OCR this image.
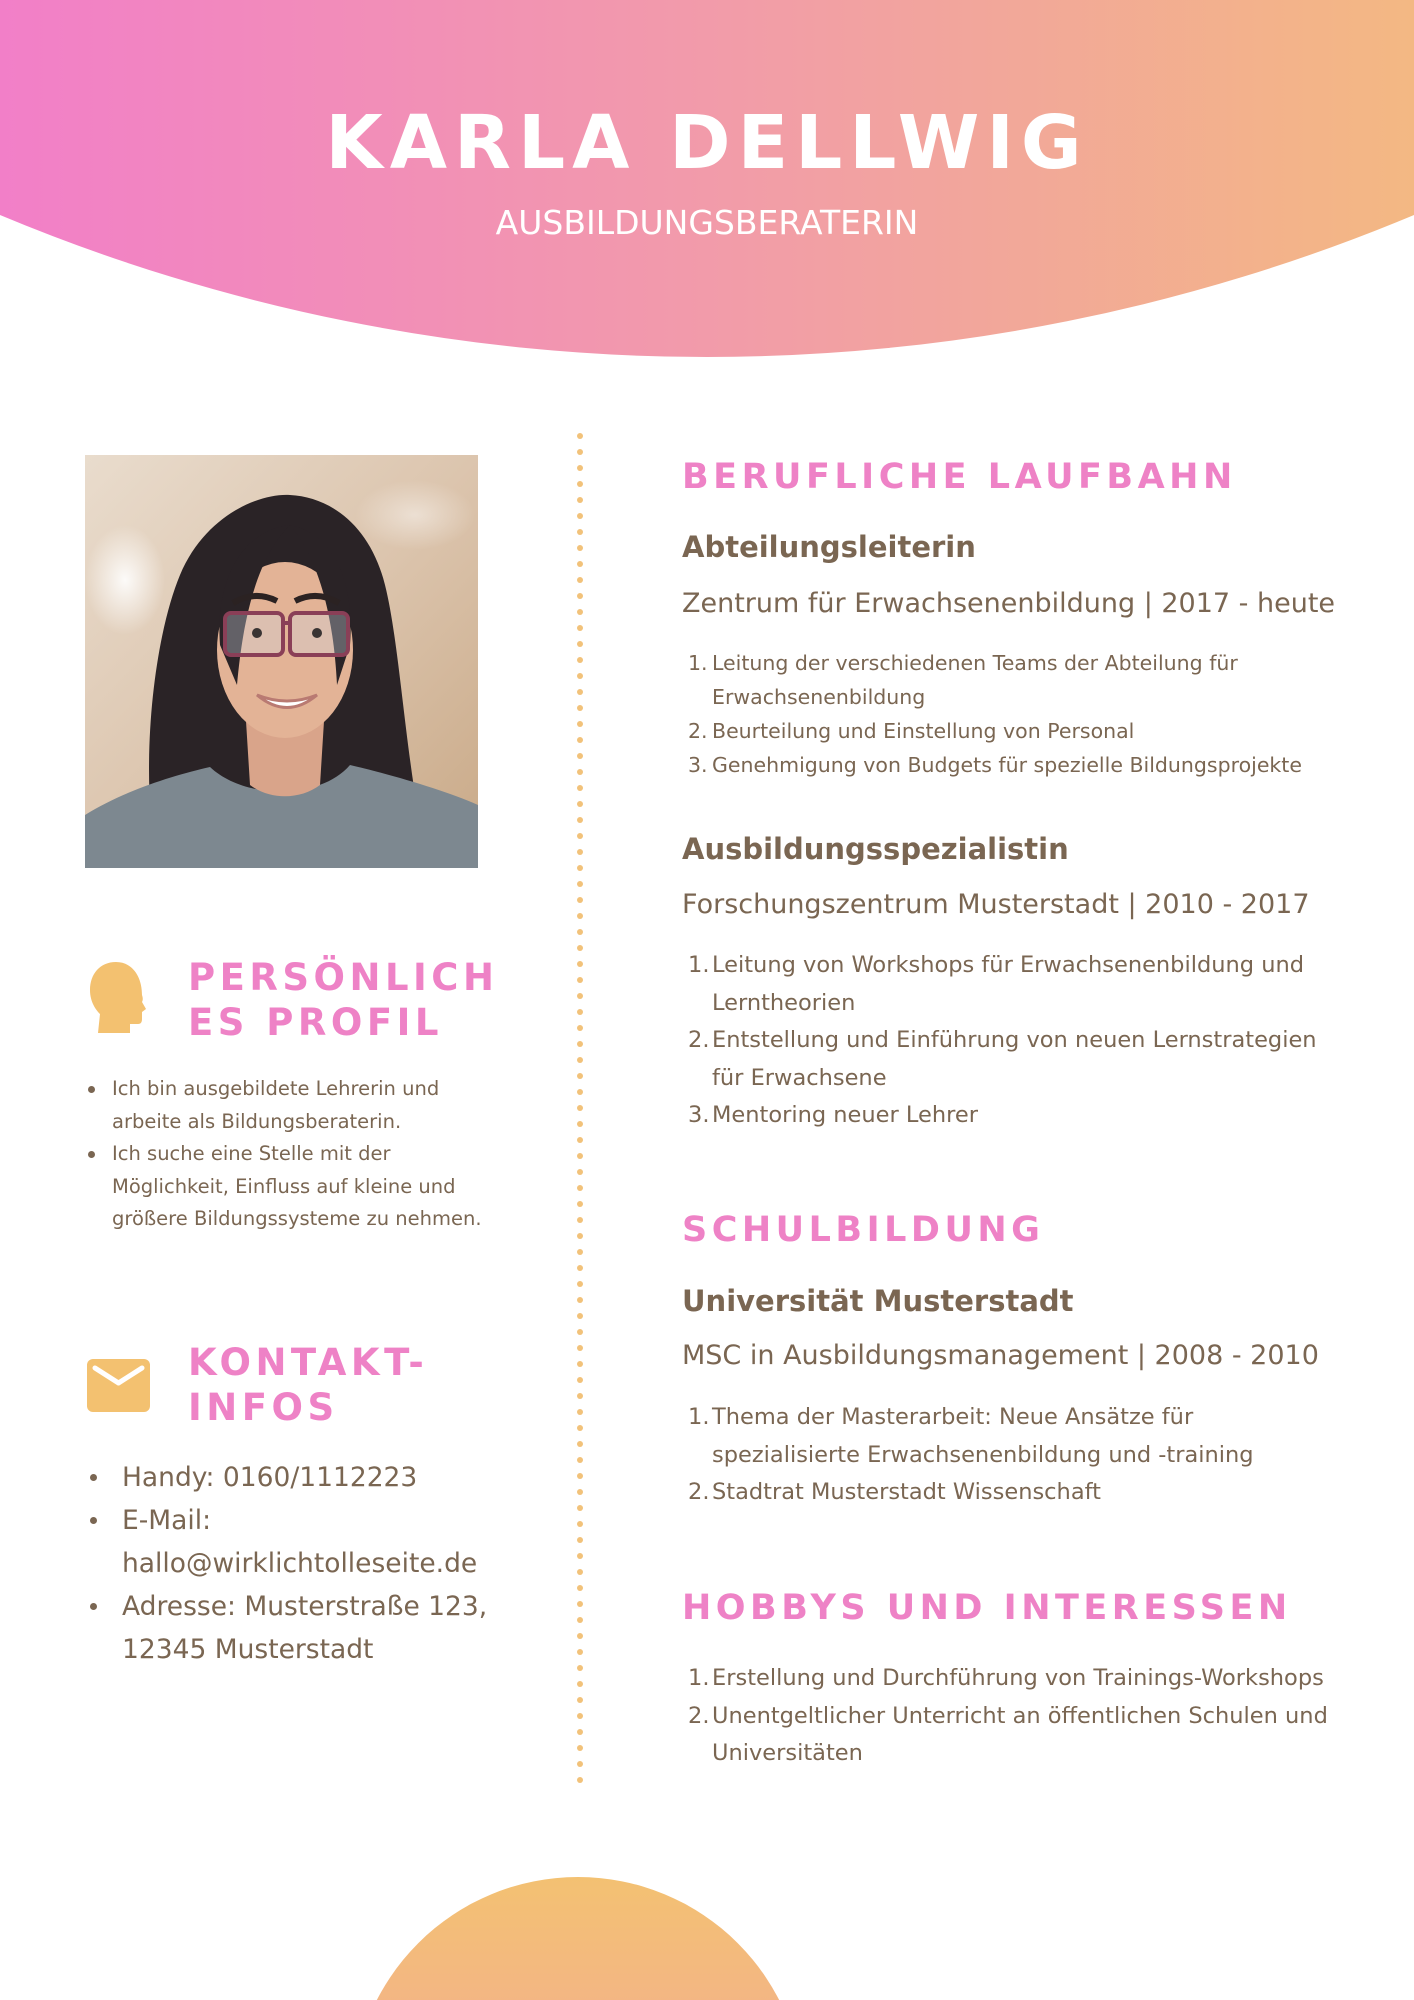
KARLA DELLWIG
AUSBILDUNGSBERATERIN
PERSÖNLICH
ES PROFIL
Ich bin ausgebildete Lehrerin und arbeite als Bildungsberaterin.
Ich suche eine Stelle mit der Möglichkeit, Einfluss auf kleine und größere Bildungssysteme zu nehmen.
KONTAKT-
INFOS
Handy: 0160/1112223
E-Mail: hallo@wirklichtolleseite.de
Adresse: Musterstraße 123, 12345 Musterstadt
BERUFLICHE LAUFBAHN
Abteilungsleiterin
Zentrum für Erwachsenenbildung | 2017 - heute
1. Leitung der verschiedenen Teams der Abteilung für Erwachsenenbildung
2. Beurteilung und Einstellung von Personal
3. Genehmigung von Budgets für spezielle Bildungsprojekte
Ausbildungsspezialistin
Forschungszentrum Musterstadt | 2010 - 2017
1. Leitung von Workshops für Erwachsenenbildung und Lerntheorien
2. Entstellung und Einführung von neuen Lernstrategien für Erwachsene
3. Mentoring neuer Lehrer
SCHULBILDUNG
Universität Musterstadt
MSC in Ausbildungsmanagement | 2008 - 2010
1. Thema der Masterarbeit: Neue Ansätze für spezialisierte Erwachsenenbildung und -training
2. Stadtrat Musterstadt Wissenschaft
HOBBYS UND INTERESSEN
1. Erstellung und Durchführung von Trainings-Workshops
2. Unentgeltlicher Unterricht an öffentlichen Schulen und Universitäten
